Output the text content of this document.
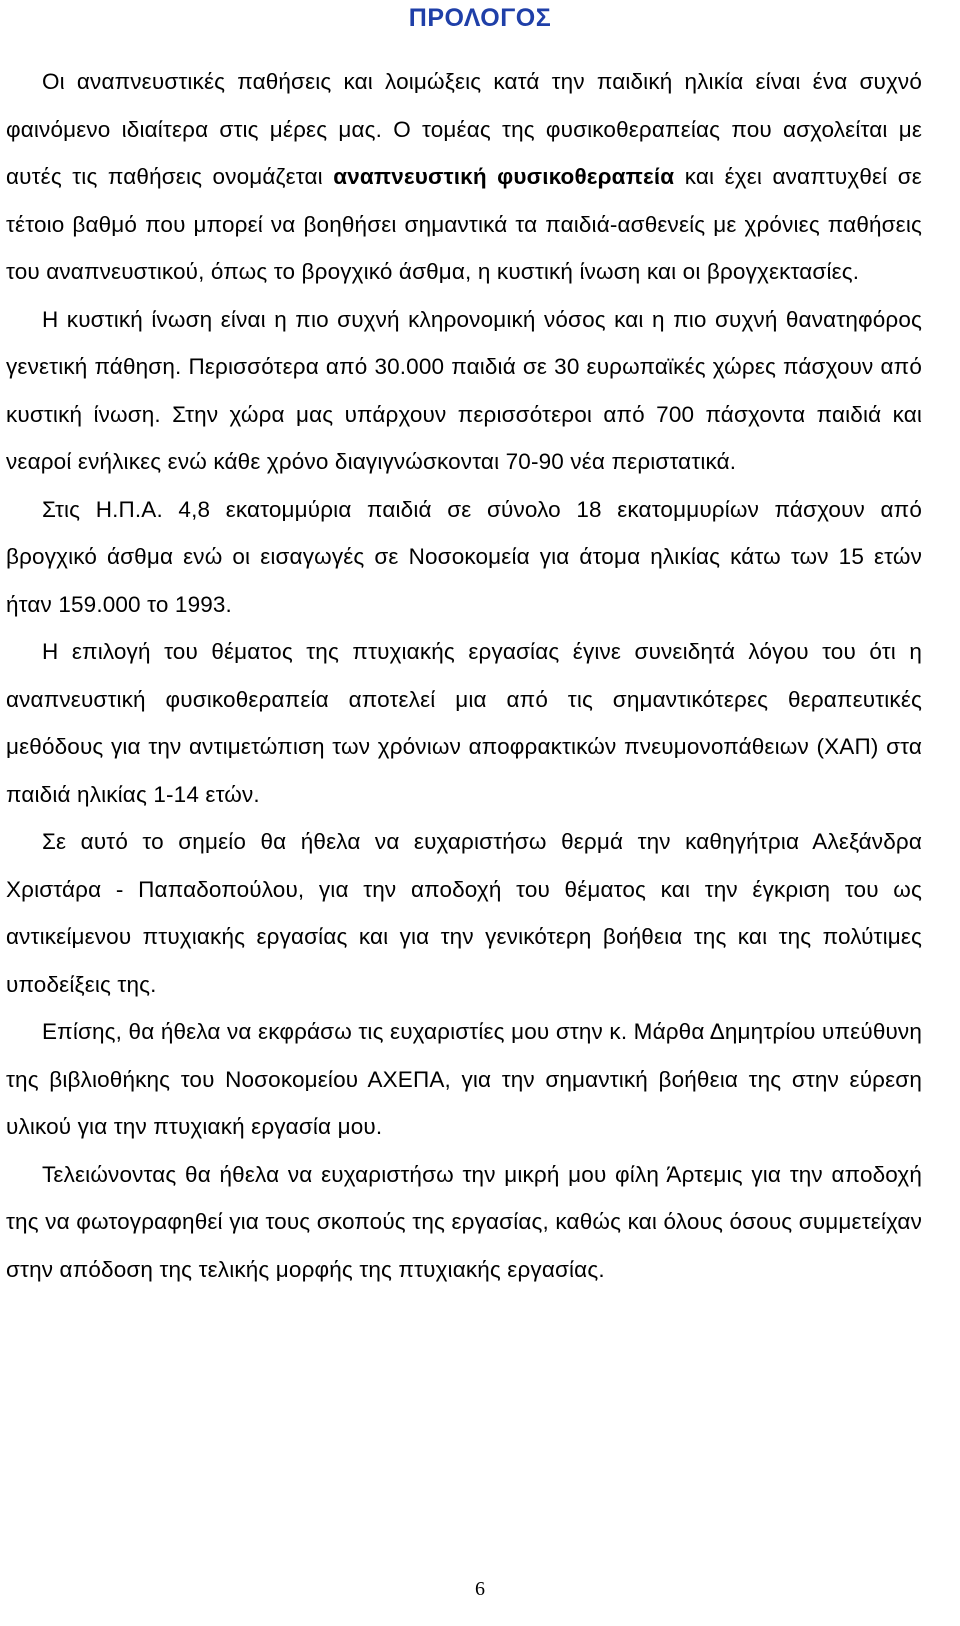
ΠΡΟΛΟΓΟΣ

Οι αναπνευστικές παθήσεις και λοιμώξεις κατά την παιδική ηλικία είναι ένα συχνό φαινόμενο ιδιαίτερα στις μέρες μας. Ο τομέας της φυσικοθεραπείας που ασχολείται με αυτές τις παθήσεις ονομάζεται αναπνευστική φυσικοθεραπεία και έχει αναπτυχθεί σε τέτοιο βαθμό που μπορεί να βοηθήσει σημαντικά τα παιδιά-ασθενείς με χρόνιες παθήσεις του αναπνευστικού, όπως το βρογχικό άσθμα, η κυστική ίνωση και οι βρογχεκτασίες.

Η κυστική ίνωση είναι η πιο συχνή κληρονομική νόσος και η πιο συχνή θανατηφόρος γενετική πάθηση. Περισσότερα από 30.000 παιδιά σε 30 ευρωπαϊκές χώρες πάσχουν από κυστική ίνωση. Στην χώρα μας υπάρχουν περισσότεροι από 700 πάσχοντα παιδιά και νεαροί ενήλικες ενώ κάθε χρόνο διαγιγνώσκονται 70-90 νέα περιστατικά.

Στις Η.Π.Α. 4,8 εκατομμύρια παιδιά σε σύνολο 18 εκατομμυρίων πάσχουν από βρογχικό άσθμα ενώ οι εισαγωγές σε Νοσοκομεία για άτομα ηλικίας κάτω των 15 ετών ήταν 159.000 το 1993.

Η επιλογή του θέματος της πτυχιακής εργασίας έγινε συνειδητά λόγου του ότι η αναπνευστική φυσικοθεραπεία αποτελεί μια από τις σημαντικότερες θεραπευτικές μεθόδους για την αντιμετώπιση των χρόνιων αποφρακτικών πνευμονοπάθειων (ΧΑΠ) στα παιδιά ηλικίας 1-14 ετών.

Σε αυτό το σημείο θα ήθελα να ευχαριστήσω θερμά την καθηγήτρια Αλεξάνδρα Χριστάρα - Παπαδοπούλου, για την αποδοχή του θέματος και την έγκριση του ως αντικείμενου πτυχιακής εργασίας και για την γενικότερη βοήθεια της και της πολύτιμες υποδείξεις της.

Επίσης, θα ήθελα να εκφράσω τις ευχαριστίες μου στην κ. Μάρθα Δημητρίου υπεύθυνη της βιβλιοθήκης του Νοσοκομείου ΑΧΕΠΑ, για την σημαντική βοήθεια της στην εύρεση υλικού για την πτυχιακή εργασία μου.

Τελειώνοντας θα ήθελα να ευχαριστήσω την μικρή μου φίλη Άρτεμις για την αποδοχή της να φωτογραφηθεί για τους σκοπούς της εργασίας, καθώς και όλους όσους συμμετείχαν στην απόδοση της τελικής μορφής της πτυχιακής εργασίας.

6
